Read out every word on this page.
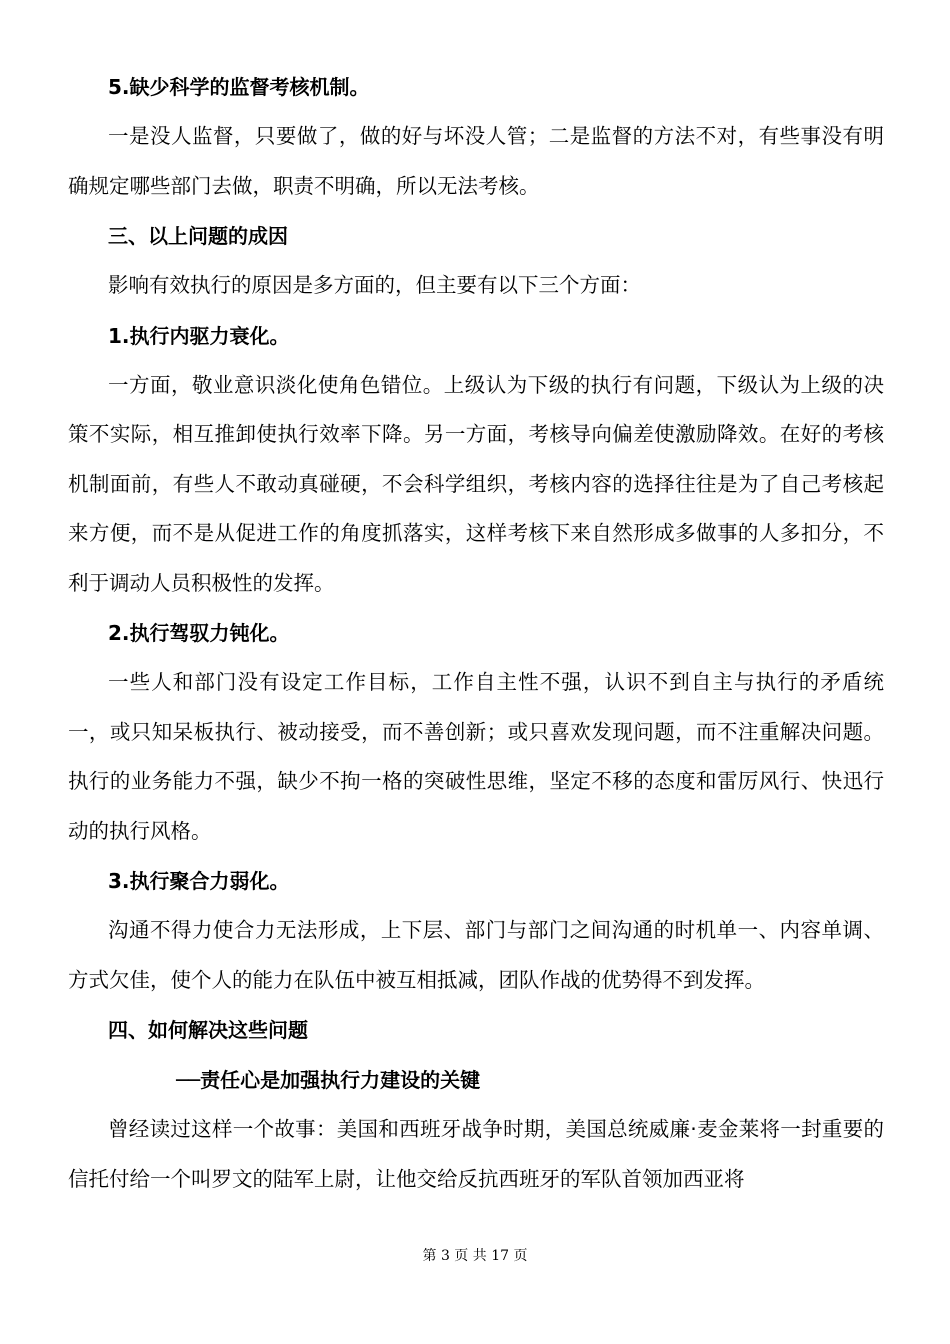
5.缺少科学的监督考核机制。

一是没人监督，只要做了，做的好与坏没人管；二是监督的方法不对，有些事没有明确规定哪些部门去做，职责不明确，所以无法考核。

三、以上问题的成因

影响有效执行的原因是多方面的，但主要有以下三个方面：

1.执行内驱力衰化。

一方面，敬业意识淡化使角色错位。上级认为下级的执行有问题，下级认为上级的决策不实际，相互推卸使执行效率下降。另一方面，考核导向偏差使激励降效。在好的考核机制面前，有些人不敢动真碰硬，不会科学组织，考核内容的选择往往是为了自己考核起来方便，而不是从促进工作的角度抓落实，这样考核下来自然形成多做事的人多扣分，不利于调动人员积极性的发挥。

2.执行驾驭力钝化。

一些人和部门没有设定工作目标，工作自主性不强，认识不到自主与执行的矛盾统一，或只知呆板执行、被动接受，而不善创新；或只喜欢发现问题，而不注重解决问题。执行的业务能力不强，缺少不拘一格的突破性思维，坚定不移的态度和雷厉风行、快迅行动的执行风格。

3.执行聚合力弱化。

沟通不得力使合力无法形成，上下层、部门与部门之间沟通的时机单一、内容单调、方式欠佳，使个人的能力在队伍中被互相抵减，团队作战的优势得不到发挥。

四、如何解决这些问题

──责任心是加强执行力建设的关键

曾经读过这样一个故事：美国和西班牙战争时期，美国总统威廉·麦金莱将一封重要的信托付给一个叫罗文的陆军上尉，让他交给反抗西班牙的军队首领加西亚将

第 3 页 共 17 页
